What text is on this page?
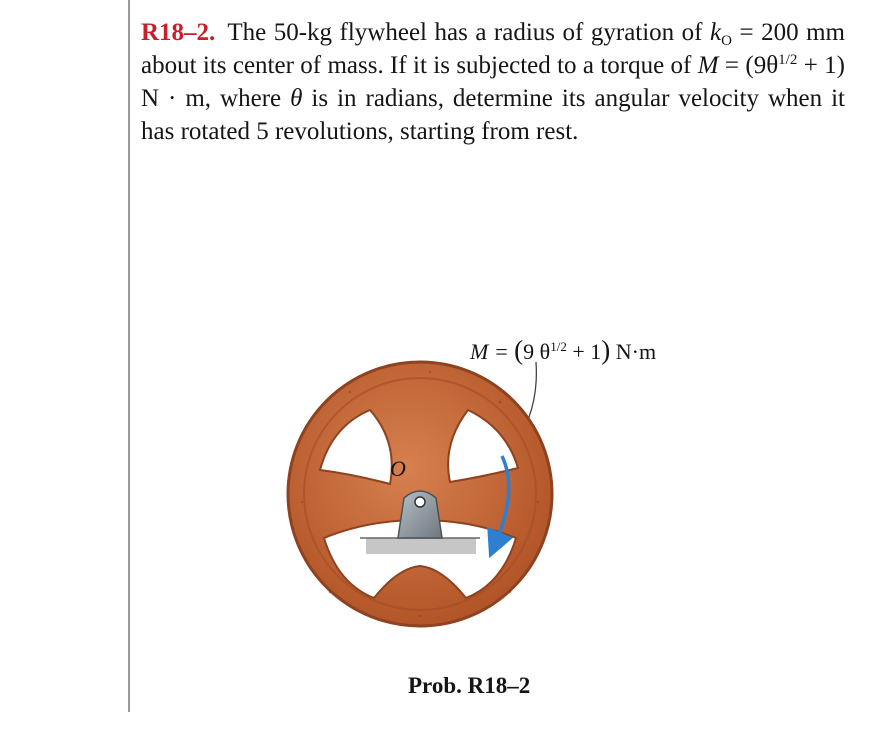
R18–2. The 50-kg flywheel has a radius of gyration of $k_O = 200$ mm about its center of mass. If it is subjected to a torque of $M = (9\theta^{1/2} + 1) N \cdot m$, where θ is in radians, determine its angular velocity when it has rotated 5 revolutions, starting from rest.
M = (9 $\theta^{1/2} + 1$) N·m
O
Prob. R18–2
